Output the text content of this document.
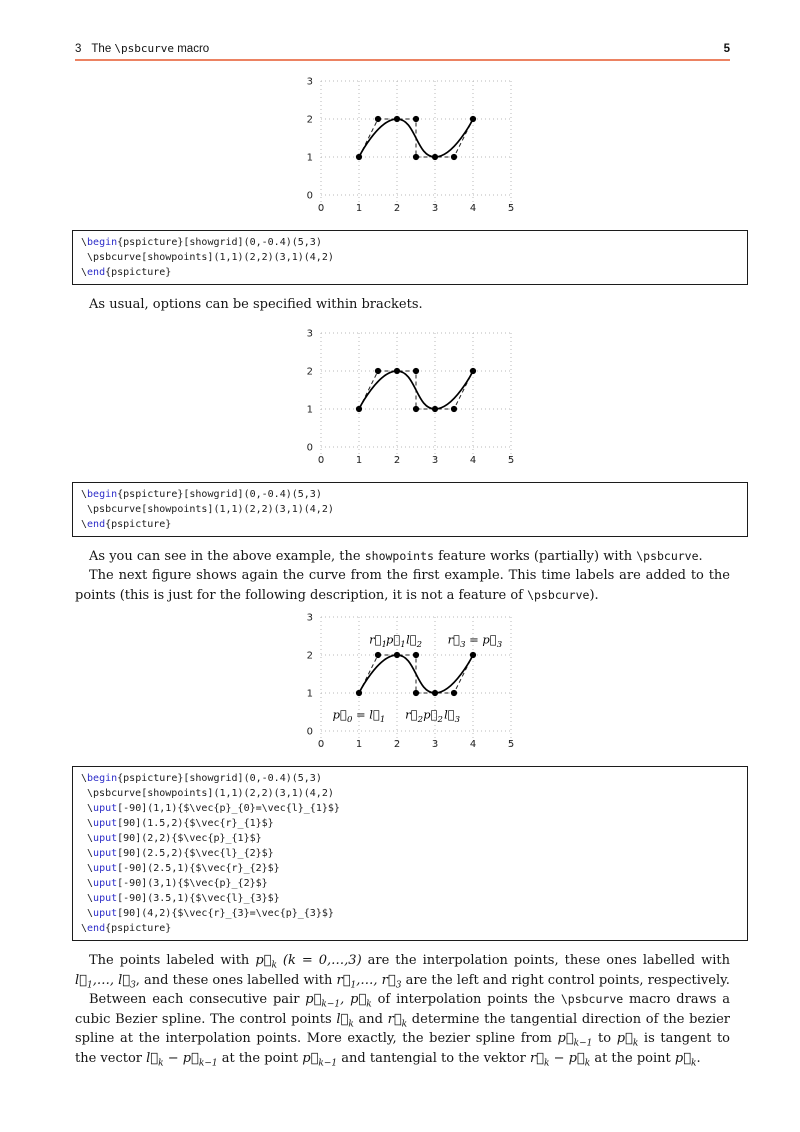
3 The \psbcurve macro	5
0	1	2	3	4	5
0
1
2
3
\begin{pspicture}[showgrid](0,-0.4)(5,3)
\psbcurve[showpoints](1,1)(2,2)(3,1)(4,2)
\end{pspicture}

As usual, options can be specified within brackets.

0	1	2	3	4	5
0
1
2
3
\begin{pspicture}[showgrid](0,-0.4)(5,3)
\psbcurve[showpoints](1,1)(2,2)(3,1)(4,2)
\end{pspicture}

As you can see in the above example, the showpoints feature works (partially) with \psbcurve.

The next figure shows again the curve from the first example. This time labels are added to the points (this is just for the following description, it is not a feature of \psbcurve).

0	1	2	3	4	5
0
1
2
3
$r⃗_1$ $p⃗_1$ $l⃗_2$ $r⃗_3$ = $p⃗_3$
$p⃗_0$ = $l⃗_1$ $r⃗_2$ $p⃗_2$ $l⃗_3$
\begin{pspicture}[showgrid](0,-0.4)(5,3)
\psbcurve[showpoints](1,1)(2,2)(3,1)(4,2)
\uput[-90](1,1){$\vec{p}_{0}=\vec{l}_{1}$}
\uput[90](1.5,2){$\vec{r}_{1}$}
\uput[90](2,2){$\vec{p}_{1}$}
\uput[90](2.5,2){$\vec{l}_{2}$}
\uput[-90](2.5,1){$\vec{r}_{2}$}
\uput[-90](3,1){$\vec{p}_{2}$}
\uput[-90](3.5,1){$\vec{l}_{3}$}
\uput[90](4,2){$\vec{r}_{3}=\vec{p}_{3}$}
\end{pspicture}

The points labeled with $p⃗_k$ (k = 0,…,3) are the interpolation points, these ones labelled with $l⃗_1,\dots$, $l⃗_3$, and these ones labelled with $r⃗_1,\dots$, $r⃗_3$ are the left and right control points, respectively.

Between each consecutive pair $p⃗_{k-1}$, $p⃗_k$ of interpolation points the \psbcurve macro draws a cubic Bezier spline. The control points $l⃗_k$ and $r⃗_k$ determine the tangential direction of the bezier spline at the interpolation points. More exactly, the bezier spline from $p⃗_{k-1}$ to $p⃗_k$ is tangent to the vector $l⃗_k$ − $p⃗_{k-1}$ at the point $p⃗_{k-1}$ and tantengial to the vektor $r⃗_k$ − $p⃗_k$ at the point $p⃗_k$.
